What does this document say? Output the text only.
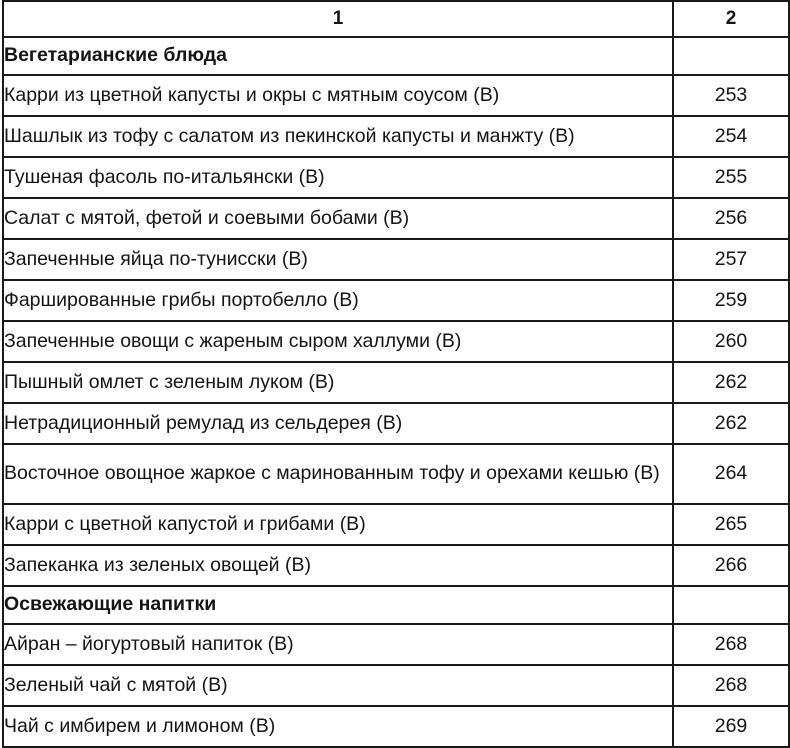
1	2
Вегетарианские блюда	
Карри из цветной капусты и окры с мятным соусом (В)	253
Шашлык из тофу с салатом из пекинской капусты и манжту (В)	254
Тушеная фасоль по-итальянски (В)	255
Салат с мятой, фетой и соевыми бобами (В)	256
Запеченные яйца по-тунисски (В)	257
Фаршированные грибы портобелло (В)	259
Запеченные овощи с жареным сыром халлуми (В)	260
Пышный омлет с зеленым луком (В)	262
Нетрадиционный ремулад из сельдерея (В)	262
Восточное овощное жаркое с маринованным тофу и орехами кешью (В)	264
Карри с цветной капустой и грибами (В)	265
Запеканка из зеленых овощей (В)	266
Освежающие напитки	
Айран – йогуртовый напиток (В)	268
Зеленый чай с мятой (В)	268
Чай с имбирем и лимоном (В)	269
